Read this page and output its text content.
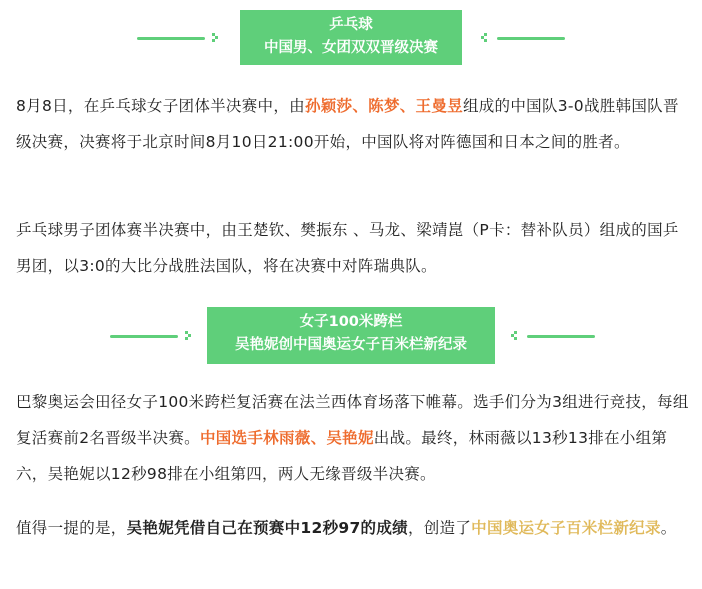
乒乓球
中国男、女团双双晋级决赛

8月8日，在乒乓球女子团体半决赛中，由孙颖莎、陈梦、王曼昱组成的中国队3-0战胜韩国队晋级决赛，决赛将于北京时间8月10日21:00开始，中国队将对阵德国和日本之间的胜者。

乒乓球男子团体赛半决赛中，由王楚钦、樊振东 、马龙、梁靖崑（P卡：替补队员）组成的国乒男团，以3:0的大比分战胜法国队，将在决赛中对阵瑞典队。

女子100米跨栏
吴艳妮创中国奥运女子百米栏新纪录

巴黎奥运会田径女子100米跨栏复活赛在法兰西体育场落下帷幕。选手们分为3组进行竞技，每组复活赛前2名晋级半决赛。中国选手林雨薇、吴艳妮出战。最终，林雨薇以13秒13排在小组第六，吴艳妮以12秒98排在小组第四，两人无缘晋级半决赛。

值得一提的是，吴艳妮凭借自己在预赛中12秒97的成绩，创造了中国奥运女子百米栏新纪录。
